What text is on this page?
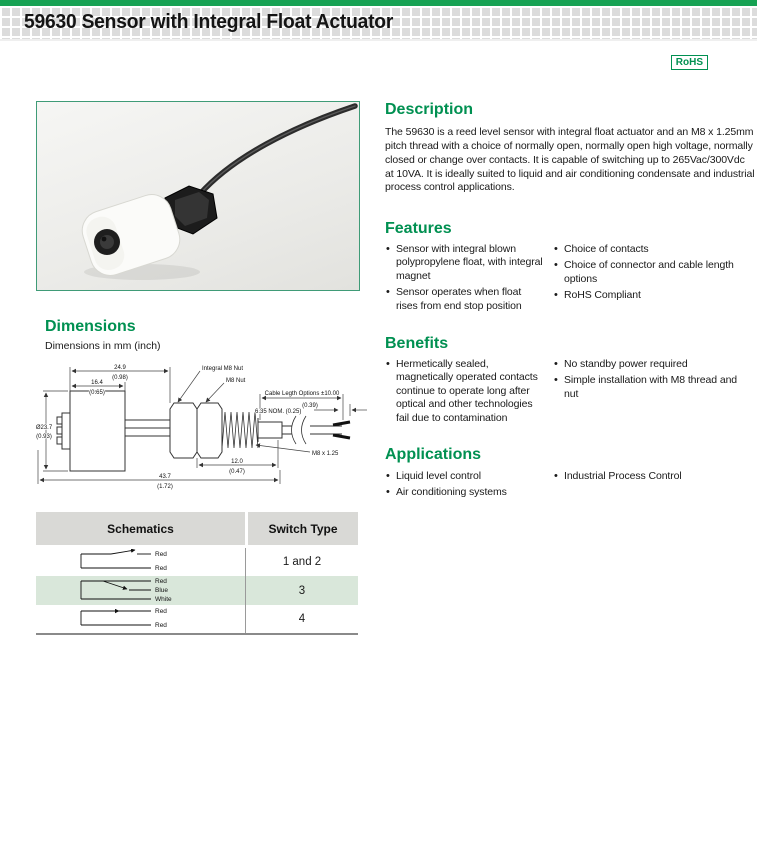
59630 Sensor with Integral Float Actuator
RoHS
Description
The 59630 is a reed level sensor with integral float actuator and an M8 x 1.25mm pitch thread with a choice of normally open, normally open high voltage, normally closed or change over contacts. It is capable of switching up to 265Vac/300Vdc at 10VA. It is ideally suited to liquid and air conditioning condensate and industrial process control applications.
Features
• Sensor with integral blown polypropylene float, with integral magnet
• Sensor operates when float rises from end stop position
• Choice of contacts
• Choice of connector and cable length options
• RoHS Compliant
Benefits
• Hermetically sealed, magnetically operated contacts continue to operate long after optical and other technologies fail due to contamination
• No standby power required
• Simple installation with M8 thread and nut
Applications
• Liquid level control
• Air conditioning systems
• Industrial Process Control
Dimensions
Dimensions in mm (inch)
24.9
(0.98)
16.4
(0.65)
Ø23.7
(0.93)
Integral M8 Nut
M8 Nut
Cable Legth Options ±10.00
(0.39)
6.35 NOM. (0.25)
M8 x 1.25
12.0
(0.47)
43.7
(1.72)
Schematics	Switch Type
Red
Red
1 and 2
Red
Blue
White
3
Red
Red
4
